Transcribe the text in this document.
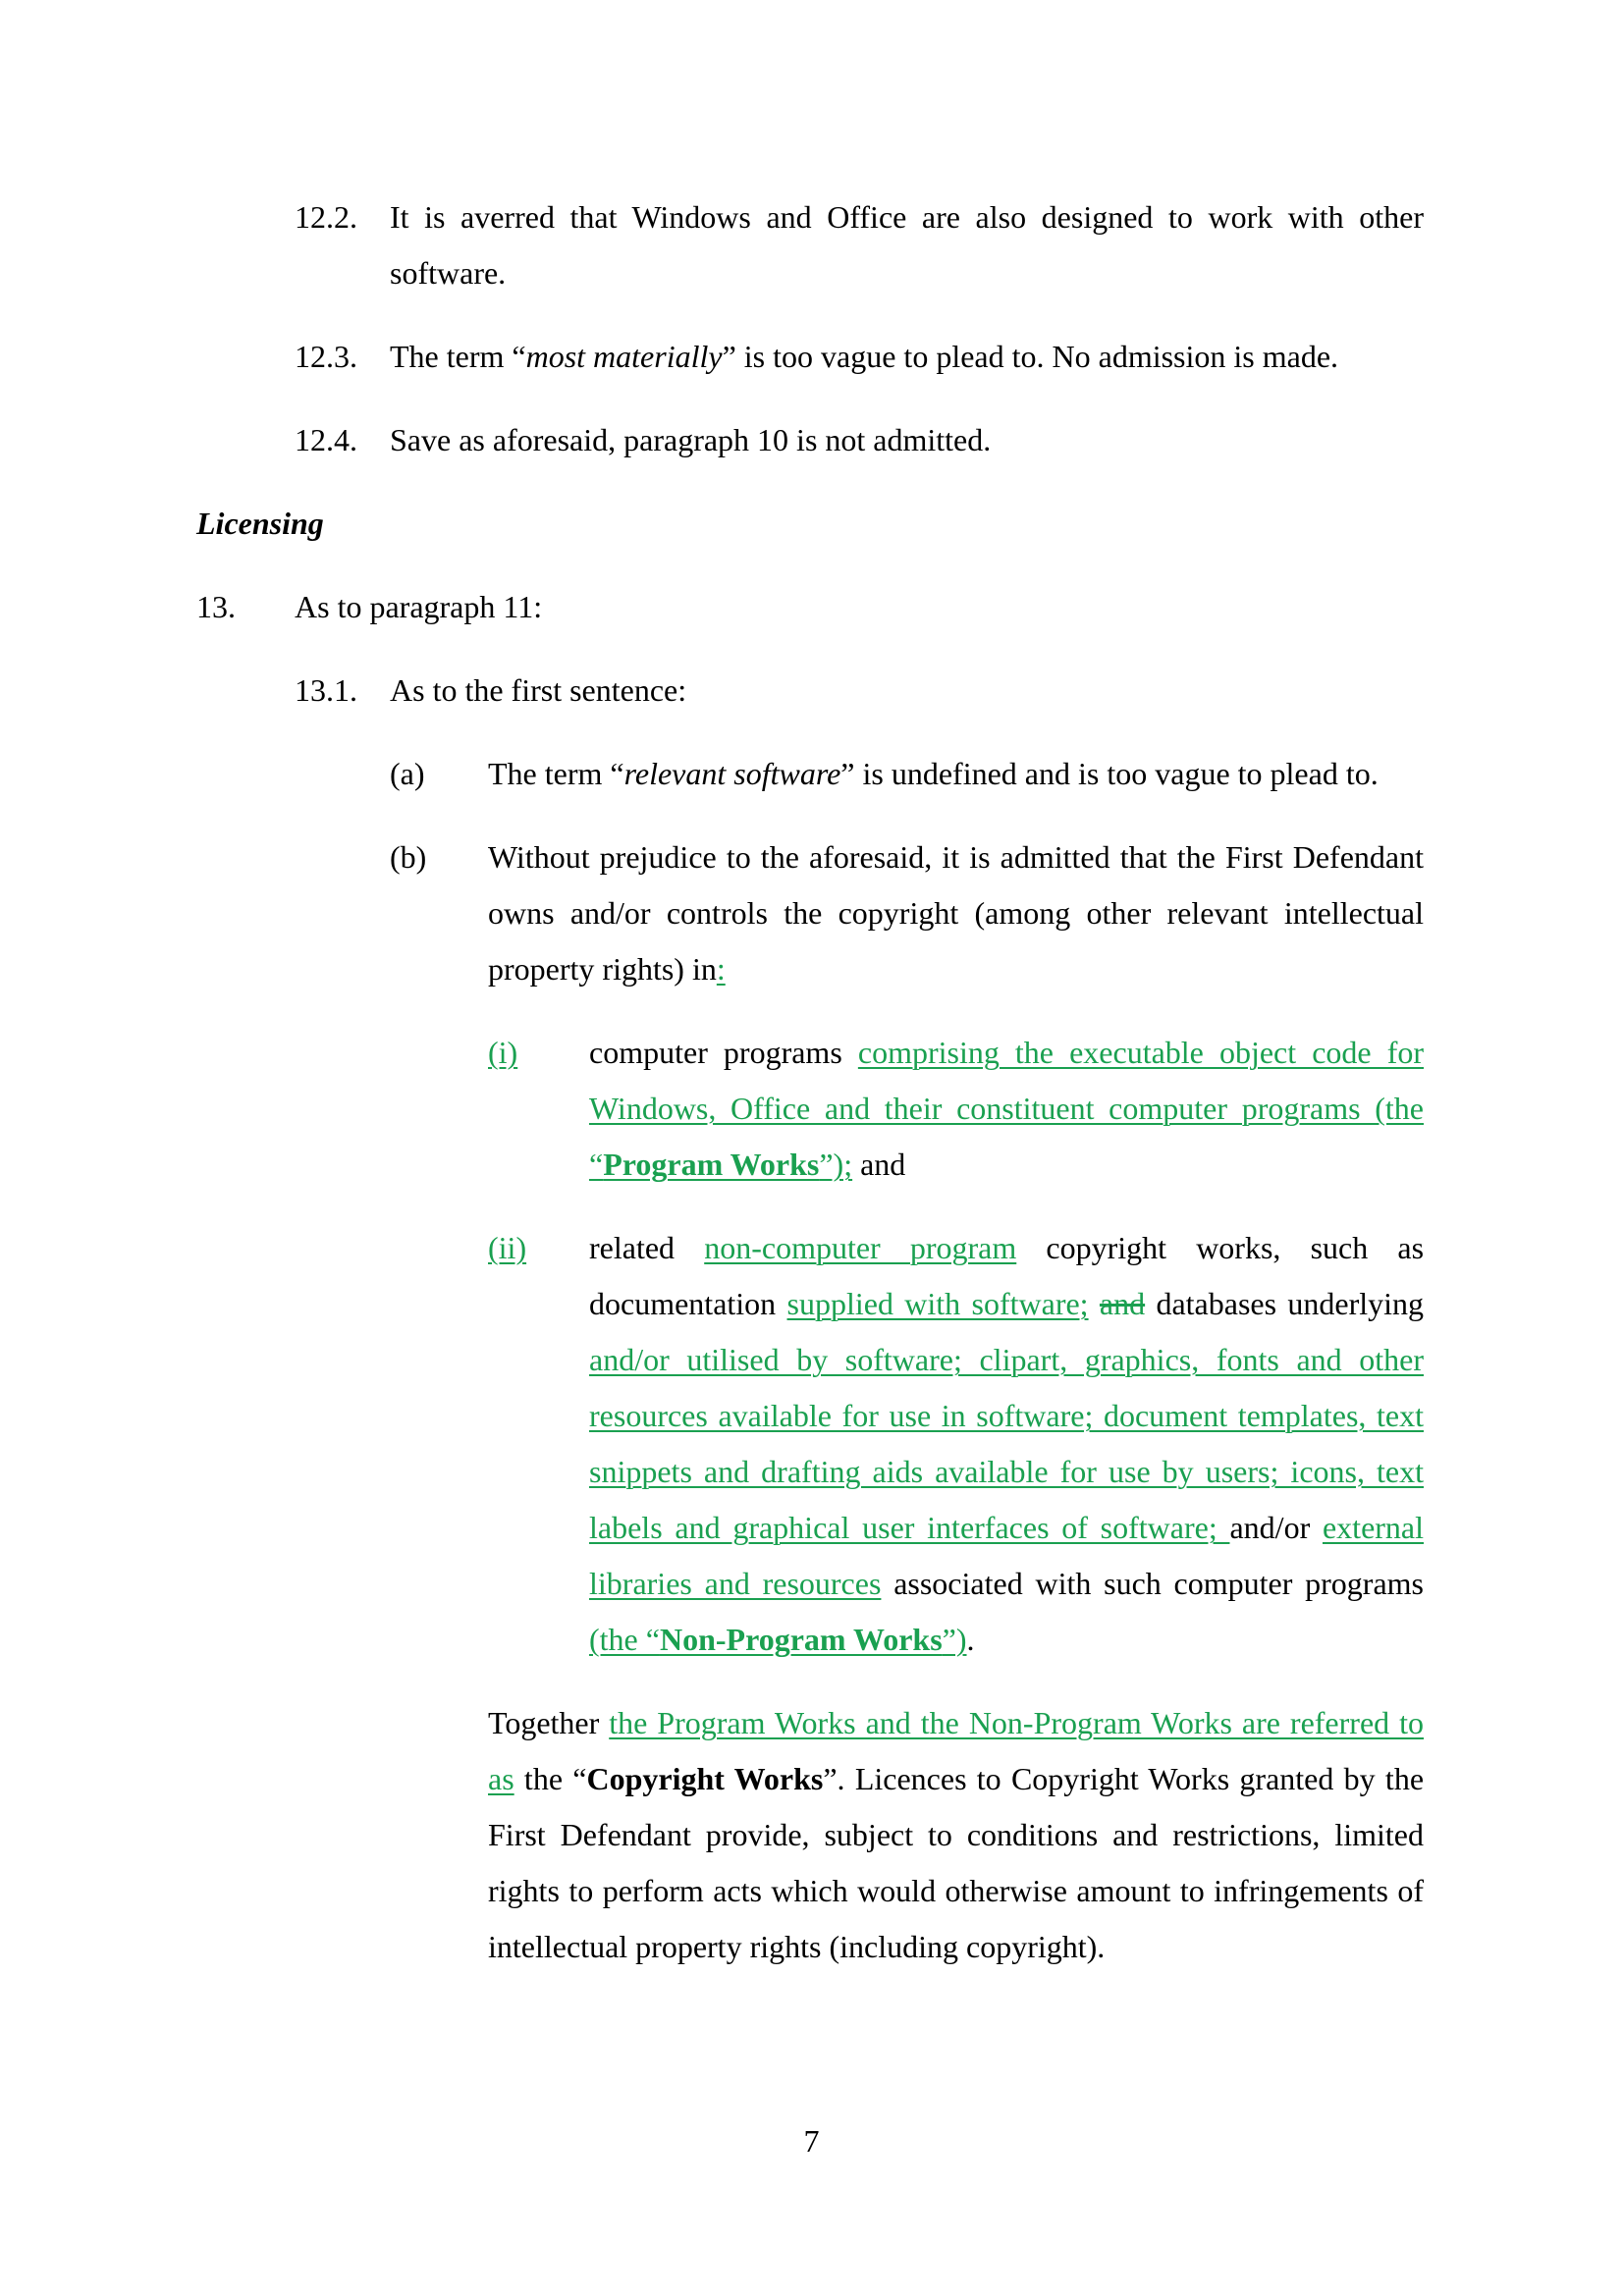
12.2. It is averred that Windows and Office are also designed to work with other software.
12.3. The term “most materially” is too vague to plead to. No admission is made.
12.4. Save as aforesaid, paragraph 10 is not admitted.
Licensing
13. As to paragraph 11:
13.1. As to the first sentence:
(a) The term “relevant software” is undefined and is too vague to plead to.
(b) Without prejudice to the aforesaid, it is admitted that the First Defendant owns and/or controls the copyright (among other relevant intellectual property rights) in:
(i) computer programs comprising the executable object code for Windows, Office and their constituent computer programs (the “Program Works”); and
(ii) related non-computer program copyright works, such as documentation supplied with software; and databases underlying and/or utilised by software; clipart, graphics, fonts and other resources available for use in software; document templates, text snippets and drafting aids available for use by users; icons, text labels and graphical user interfaces of software; and/or external libraries and resources associated with such computer programs (the “Non-Program Works”).
Together the Program Works and the Non-Program Works are referred to as the “Copyright Works”. Licences to Copyright Works granted by the First Defendant provide, subject to conditions and restrictions, limited rights to perform acts which would otherwise amount to infringements of intellectual property rights (including copyright).
7
